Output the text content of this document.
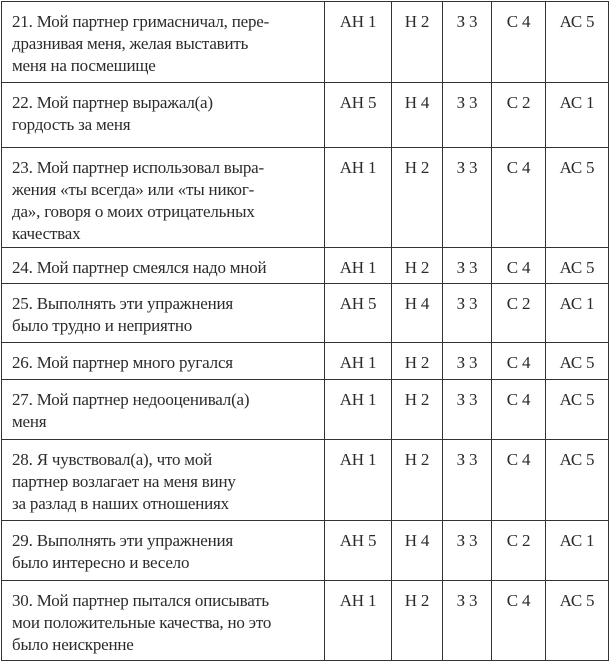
21. Мой партнер гримасничал, пере-
дразнивая меня, желая выставить
меня на посмешище	АН 1	Н 2	З 3	С 4	АС 5

22. Мой партнер выражал(а)
гордость за меня	АН 5	Н 4	З 3	С 2	АС 1

23. Мой партнер использовал выра-
жения «ты всегда» или «ты никог-
да», говоря о моих отрицательных
качествах	АН 1	Н 2	З 3	С 4	АС 5

24. Мой партнер смеялся надо мной	АН 1	Н 2	З 3	С 4	АС 5

25. Выполнять эти упражнения
было трудно и неприятно	АН 5	Н 4	З 3	С 2	АС 1

26. Мой партнер много ругался	АН 1	Н 2	З 3	С 4	АС 5

27. Мой партнер недооценивал(а)
меня	АН 1	Н 2	З 3	С 4	АС 5

28. Я чувствовал(а), что мой
партнер возлагает на меня вину
за разлад в наших отношениях	АН 1	Н 2	З 3	С 4	АС 5

29. Выполнять эти упражнения
было интересно и весело	АН 5	Н 4	З 3	С 2	АС 1

30. Мой партнер пытался описывать
мои положительные качества, но это
было неискренне	АН 1	Н 2	З 3	С 4	АС 5
